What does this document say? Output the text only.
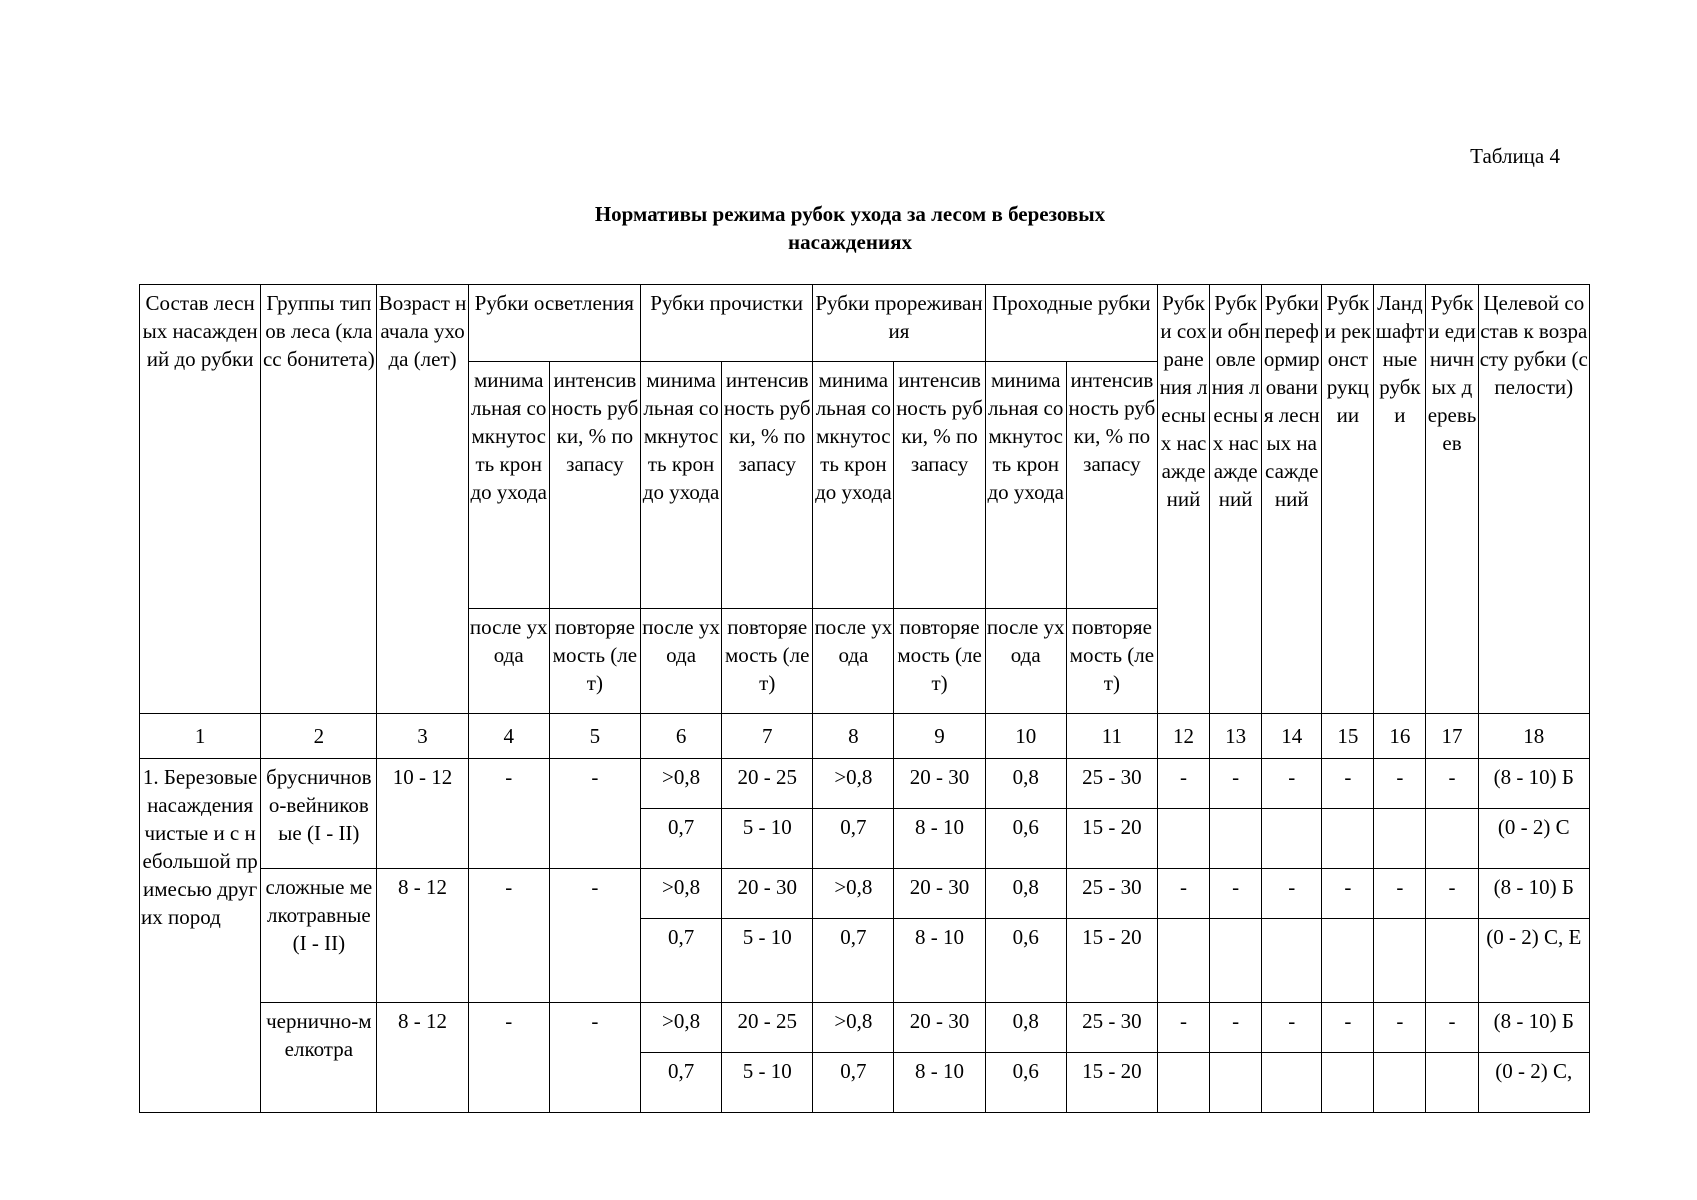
Таблица 4
Нормативы режима рубок ухода за лесом в березовых
насаждениях
Состав лесных насаждений до рубки	Группы типов леса (класс бонитета)	Возраст начала ухода (лет)	Рубки осветления		Рубки прочистки		Рубки прореживания		Проходные рубки		Рубки сохранения лесных насаждений	Рубки обновления лесных насаждений	Рубки переформирования лесных насаждений	Рубки реконструкции	Ландшафтные рубки	Рубки единичных деревьев	Целевой состав к возрасту рубки (спелости)
			минимальная сомкнутость крон до ухода	интенсивность рубки, % по запасу	минимальная сомкнутость крон до ухода	интенсивность рубки, % по запасу	минимальная сомкнутость крон до ухода	интенсивность рубки, % по запасу	минимальная сомкнутость крон до ухода	интенсивность рубки, % по запасу							
			после ухода	повторяемость (лет)	после ухода	повторяемость (лет)	после ухода	повторяемость (лет)	после ухода	повторяемость (лет)							
1	2	3	4	5	6	7	8	9	10	11	12	13	14	15	16	17	18
1. Березовые насаждения чистые и с небольшой примесью других пород	брусничново-вейниковые (I - II)	10 - 12	-	-	>0,8	20 - 25	>0,8	20 - 30	0,8	25 - 30	-	-	-	-	-	-	(8 - 10) Б
					0,7	5 - 10	0,7	8 - 10	0,6	15 - 20							(0 - 2) С
	сложные мелкотравные (I - II)	8 - 12	-	-	>0,8	20 - 30	>0,8	20 - 30	0,8	25 - 30	-	-	-	-	-	-	(8 - 10) Б
					0,7	5 - 10	0,7	8 - 10	0,6	15 - 20							(0 - 2) С, Е
	чернично-мелкотра	8 - 12	-	-	>0,8	20 - 25	>0,8	20 - 30	0,8	25 - 30	-	-	-	-	-	-	(8 - 10) Б
					0,7	5 - 10	0,7	8 - 10	0,6	15 - 20							(0 - 2) С,
